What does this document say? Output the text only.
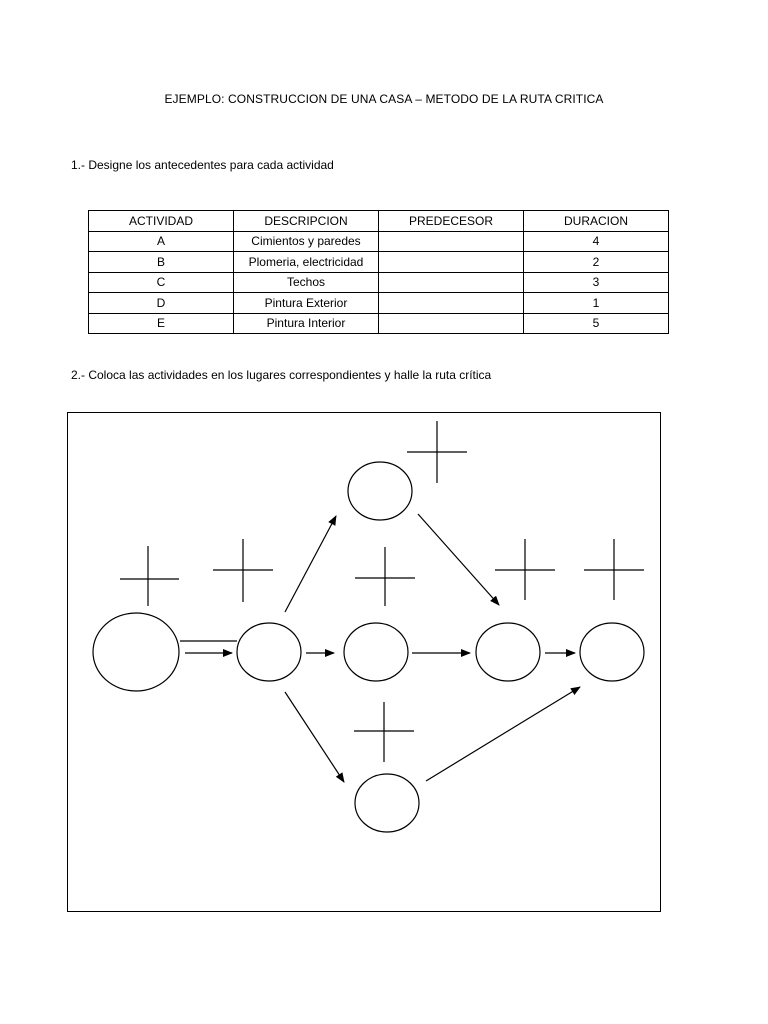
EJEMPLO: CONSTRUCCION DE UNA CASA – METODO DE LA RUTA CRITICA
1.- Designe los antecedentes para cada actividad
ACTIVIDAD	DESCRIPCION	PREDECESOR	DURACION
A	Cimientos y paredes		4
B	Plomeria, electricidad		2
C	Techos		3
D	Pintura Exterior		1
E	Pintura Interior		5
2.- Coloca las actividades en los lugares correspondientes y halle la ruta crítica
